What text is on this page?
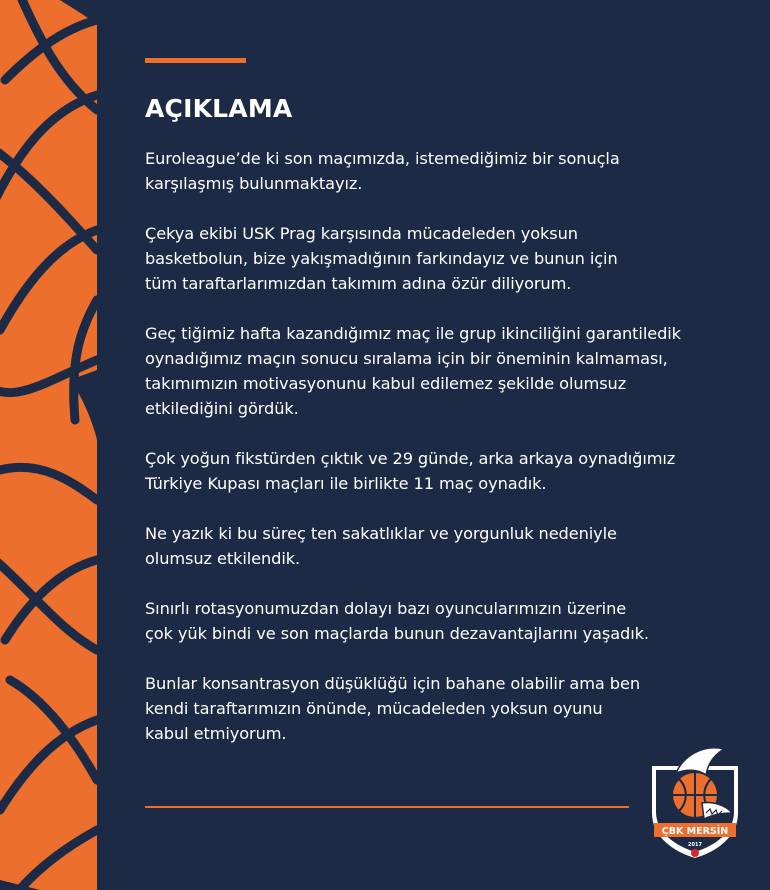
AÇIKLAMA

Euroleague’de ki son maçımızda, istemediğimiz bir sonuçla
karşılaşmış bulunmaktayız.

Çekya ekibi USK Prag karşısında mücadeleden yoksun
basketbolun, bize yakışmadığının farkındayız ve bunun için
tüm taraftarlarımızdan takımım adına özür diliyorum.

Geç tiğimiz hafta kazandığımız maç ile grup ikinciliğini garantiledik
oynadığımız maçın sonucu sıralama için bir öneminin kalmaması,
takımımızın motivasyonunu kabul edilemez şekilde olumsuz
etkilediğini gördük.

Çok yoğun fikstürden çıktık ve 29 günde, arka arkaya oynadığımız
Türkiye Kupası maçları ile birlikte 11 maç oynadık.

Ne yazık ki bu süreç ten sakatlıklar ve yorgunluk nedeniyle
olumsuz etkilendik.

Sınırlı rotasyonumuzdan dolayı bazı oyuncularımızın üzerine
çok yük bindi ve son maçlarda bunun dezavantajlarını yaşadık.

Bunlar konsantrasyon düşüklüğü için bahane olabilir ama ben
kendi taraftarımızın önünde, mücadeleden yoksun oyunu
kabul etmiyorum.

ÇBK MERSİN
2017
